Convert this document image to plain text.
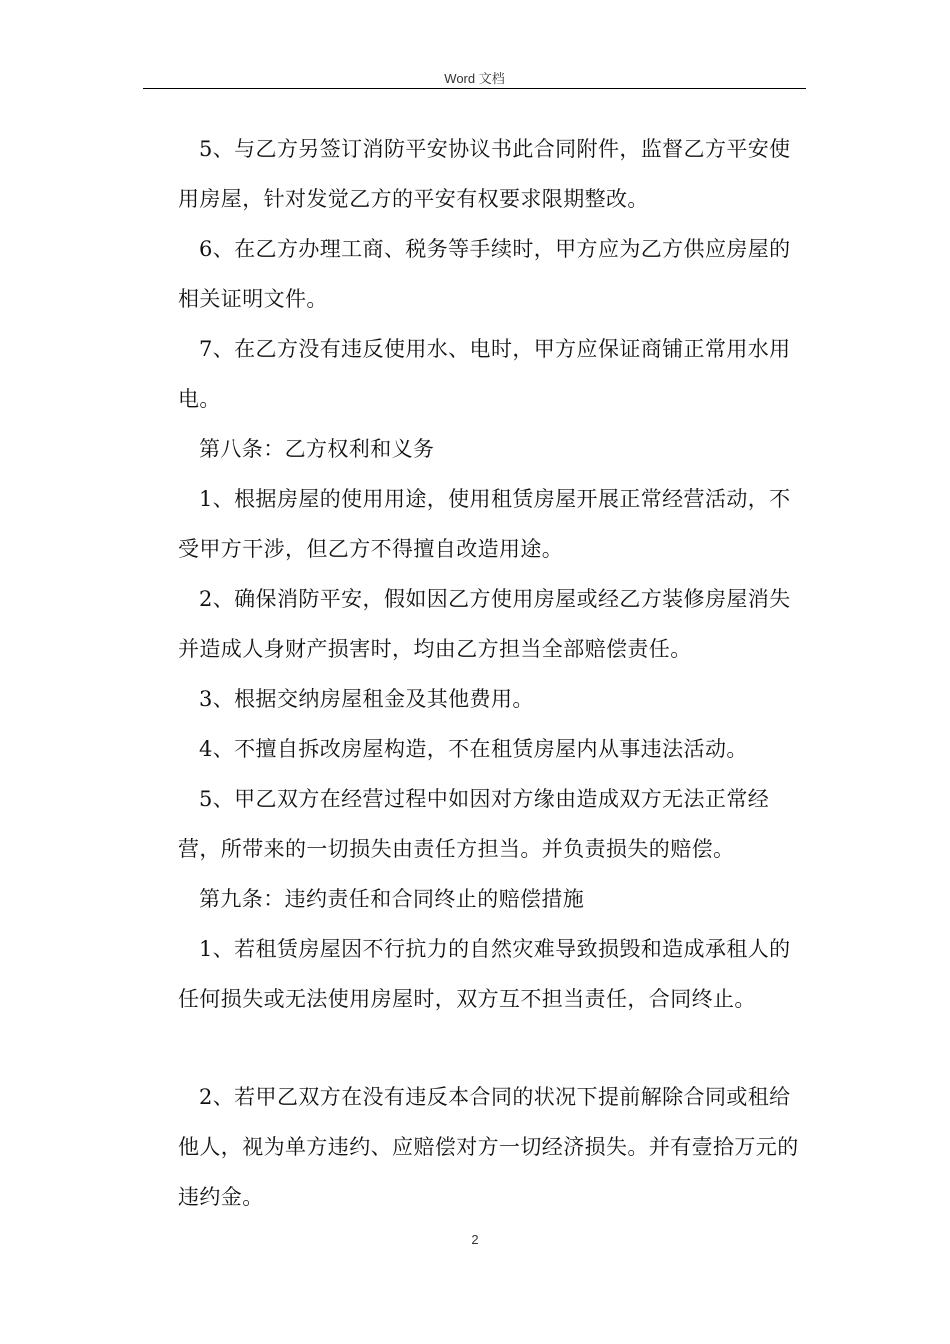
Word 文档

5、与乙方另签订消防平安协议书此合同附件，监督乙方平安使用房屋，针对发觉乙方的平安有权要求限期整改。

6、在乙方办理工商、税务等手续时，甲方应为乙方供应房屋的相关证明文件。

7、在乙方没有违反使用水、电时，甲方应保证商铺正常用水用电。

第八条：乙方权利和义务

1、根据房屋的使用用途，使用租赁房屋开展正常经营活动，不受甲方干涉，但乙方不得擅自改造用途。

2、确保消防平安，假如因乙方使用房屋或经乙方装修房屋消失并造成人身财产损害时，均由乙方担当全部赔偿责任。

3、根据交纳房屋租金及其他费用。

4、不擅自拆改房屋构造，不在租赁房屋内从事违法活动。

5、甲乙双方在经营过程中如因对方缘由造成双方无法正常经营，所带来的一切损失由责任方担当。并负责损失的赔偿。

第九条：违约责任和合同终止的赔偿措施

1、若租赁房屋因不行抗力的自然灾难导致损毁和造成承租人的任何损失或无法使用房屋时，双方互不担当责任，合同终止。

2、若甲乙双方在没有违反本合同的状况下提前解除合同或租给他人，视为单方违约、应赔偿对方一切经济损失。并有壹拾万元的违约金。

2
